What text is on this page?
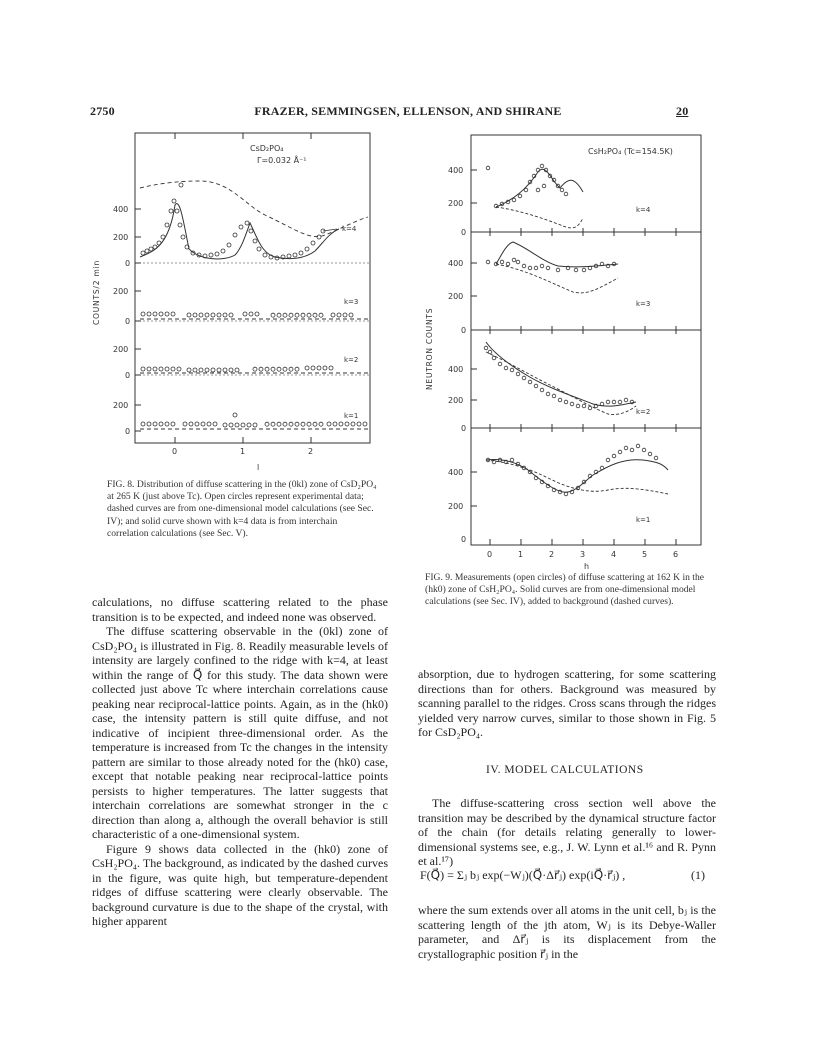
2750	FRAZER, SEMMINGSEN, ELLENSON, AND SHIRANE	20
CsD₂PO₄
Γ=0.032 Å⁻¹
COUNTS/2 min
400
200
0
200
0
200
0
200
0
k=4
k=3
k=2
k=1
0	1	2
l
FIG. 8. Distribution of diffuse scattering in the (0kl) zone of CsD₂PO₄ at 265 K (just above Tc). Open circles represent experimental data; dashed curves are from one-dimensional model calculations (see Sec. IV); and solid curve shown with k=4 data is from interchain correlation calculations (see Sec. V).
CsH₂PO₄ (Tc=154.5K)
NEUTRON COUNTS
400
200
0
400
200
0
400
200
0
400
200
0
k=4
k=3
k=2
k=1
0	1	2	3	4	5	6
h
FIG. 9. Measurements (open circles) of diffuse scattering at 162 K in the (hk0) zone of CsH₂PO₄. Solid curves are from one-dimensional model calculations (see Sec. IV), added to background (dashed curves).

calculations, no diffuse scattering related to the phase transition is to be expected, and indeed none was observed.

The diffuse scattering observable in the (0kl) zone of CsD₂PO₄ is illustrated in Fig. 8. Readily measurable levels of intensity are largely confined to the ridge with k=4, at least within the range of Q⃗ for this study. The data shown were collected just above Tc where interchain correlations cause peaking near reciprocal-lattice points. Again, as in the (hk0) case, the intensity pattern is still quite diffuse, and not indicative of incipient three-dimensional order. As the temperature is increased from Tc the changes in the intensity pattern are similar to those already noted for the (hk0) case, except that notable peaking near reciprocal-lattice points persists to higher temperatures. The latter suggests that interchain correlations are somewhat stronger in the c direction than along a, although the overall behavior is still characteristic of a one-dimensional system.

Figure 9 shows data collected in the (hk0) zone of CsH₂PO₄. The background, as indicated by the dashed curves in the figure, was quite high, but temperature-dependent ridges of diffuse scattering were clearly observable. The background curvature is due to the shape of the crystal, with higher apparent

absorption, due to hydrogen scattering, for some scattering directions than for others. Background was measured by scanning parallel to the ridges. Cross scans through the ridges yielded very narrow curves, similar to those shown in Fig. 5 for CsD₂PO₄.

IV. MODEL CALCULATIONS

The diffuse-scattering cross section well above the transition may be described by the dynamical structure factor of the chain (for details relating generally to lower-dimensional systems see, e.g., J. W. Lynn et al.¹⁶ and R. Pynn et al.¹⁷)

F(Q⃗) = Σⱼ bⱼ exp(−Wⱼ)(Q⃗·Δr⃗ⱼ) exp(iQ⃗·r⃗ⱼ) ,	(1)

where the sum extends over all atoms in the unit cell, bⱼ is the scattering length of the jth atom, Wⱼ is its Debye-Waller parameter, and Δr⃗ⱼ is its displacement from the crystallographic position r⃗ⱼ in the
